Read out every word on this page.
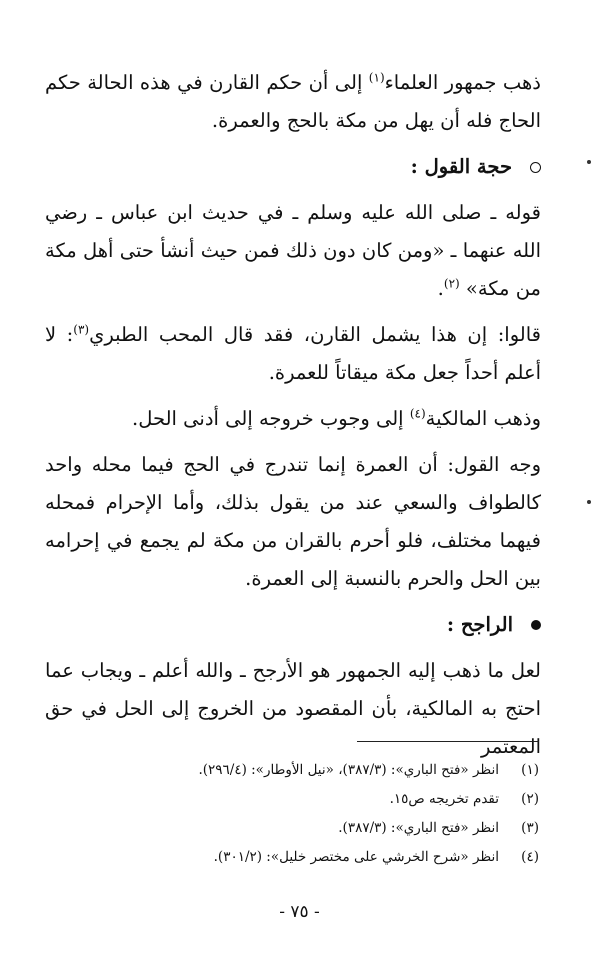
ذهب جمهور العلماء$^{(١)}$ إلى أن حكم القارن في هذه الحالة حكم الحاج فله أن يهل من مكة بالحج والعمرة.

حجة القول :

قوله ـ صلى الله عليه وسلم ـ في حديث ابن عباس ـ رضي الله عنهما ـ «ومن كان دون ذلك فمن حيث أنشأ حتى أهل مكة من مكة» $^{(٢)}$.

قالوا: إن هذا يشمل القارن، فقد قال المحب الطبري$^{(٣)}$: لا أعلم أحداً جعل مكة ميقاتاً للعمرة.

وذهب المالكية$^{(٤)}$ إلى وجوب خروجه إلى أدنى الحل.

وجه القول: أن العمرة إنما تندرج في الحج فيما محله واحد كالطواف والسعي عند من يقول بذلك، وأما الإحرام فمحله فيهما مختلف، فلو أحرم بالقران من مكة لم يجمع في إحرامه بين الحل والحرم بالنسبة إلى العمرة.

الراجح :

لعل ما ذهب إليه الجمهور هو الأرجح ـ والله أعلم ـ ويجاب عما احتج به المالكية، بأن المقصود من الخروج إلى الحل في حق المعتمر

(١)
انظر «فتح الباري»: (٣٨٧/٣)، «نيل الأوطار»: (٢٩٦/٤).
(٢)
تقدم تخريجه ص١٥.
(٣)
انظر «فتح الباري»: (٣٨٧/٣).
(٤)
انظر «شرح الخرشي على مختصر خليل»: (٣٠١/٢).
- ٧٥ -
